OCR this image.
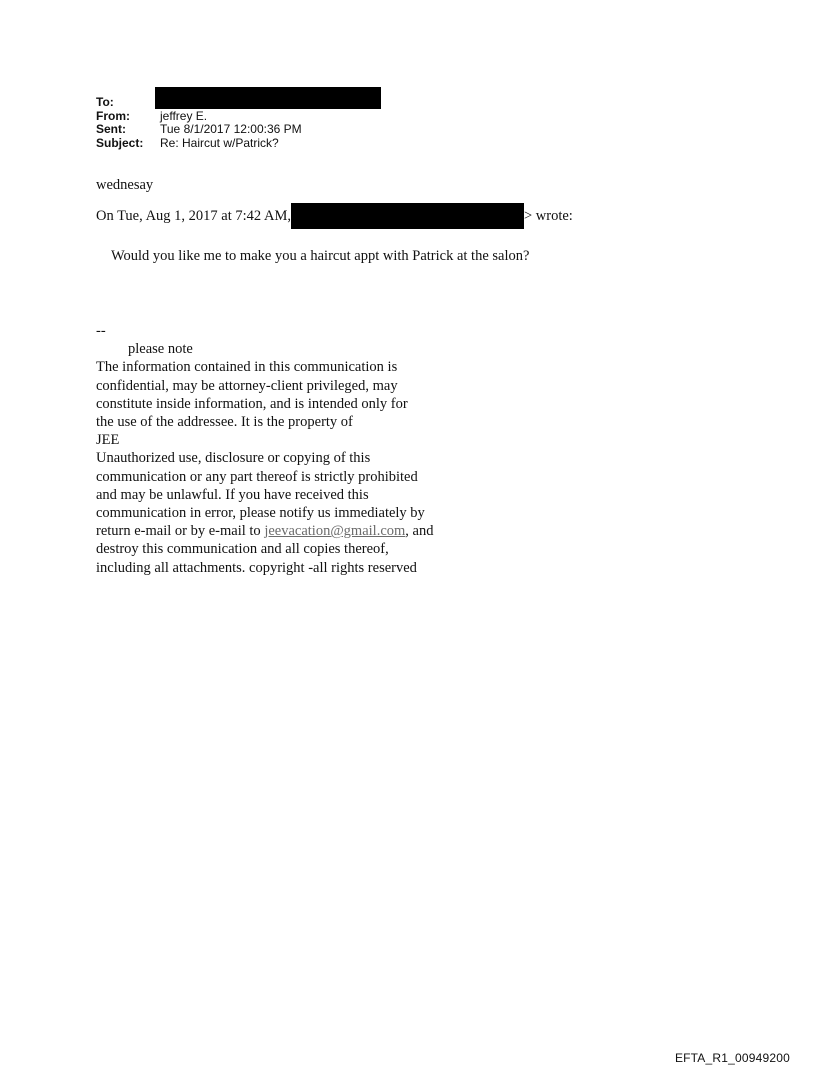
To:
From:	jeffrey E.
Sent:	Tue 8/1/2017 12:00:36 PM
Subject:	Re: Haircut w/Patrick?
wednesay
On Tue, Aug 1, 2017 at 7:42 AM,	> wrote:
Would you like me to make you a haircut appt with Patrick at the salon?
--
please note
The information contained in this communication is
confidential, may be attorney-client privileged, may
constitute inside information, and is intended only for
the use of the addressee. It is the property of
JEE
Unauthorized use, disclosure or copying of this
communication or any part thereof is strictly prohibited
and may be unlawful. If you have received this
communication in error, please notify us immediately by
return e-mail or by e-mail to jeevacation@gmail.com, and
destroy this communication and all copies thereof,
including all attachments. copyright -all rights reserved
EFTA_R1_00949200
